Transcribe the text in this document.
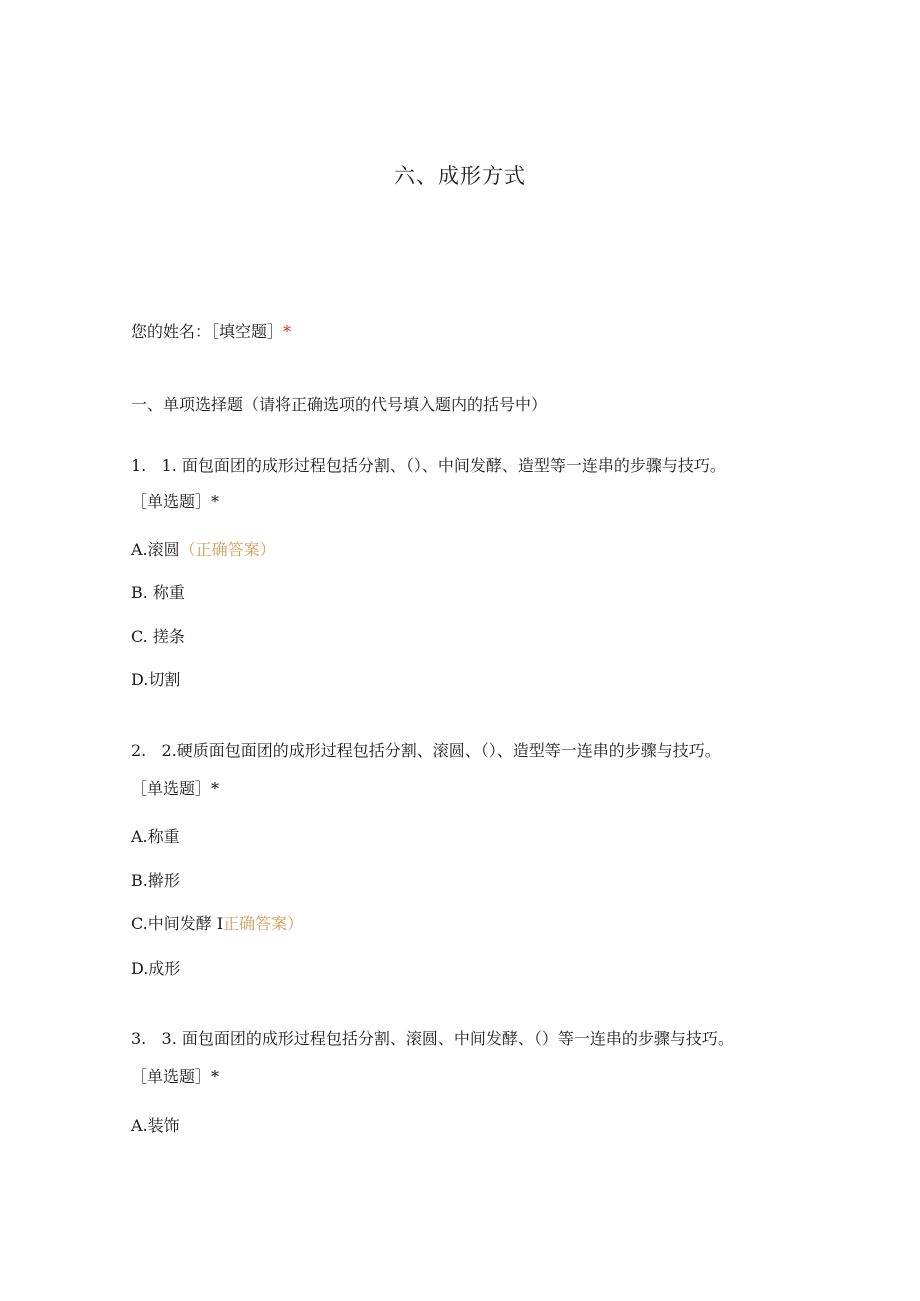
六、成形方式
您的姓名：［填空题］*
一、单项选择题（请将正确选项的代号填入题内的括号中）
1. 1. 面包面团的成形过程包括分割、（）、中间发酵、造型等一连串的步骤与技巧。
［单选题］*
A.滚圆（正确答案）
B. 称重
C. 搓条
D.切割
2. 2.硬质面包面团的成形过程包括分割、滚圆、（）、造型等一连串的步骤与技巧。
［单选题］*
A.称重
B.擀形
C.中间发酵 I正确答案）
D.成形
3. 3. 面包面团的成形过程包括分割、滚圆、中间发酵、（）等一连串的步骤与技巧。
［单选题］*
A.装饰
